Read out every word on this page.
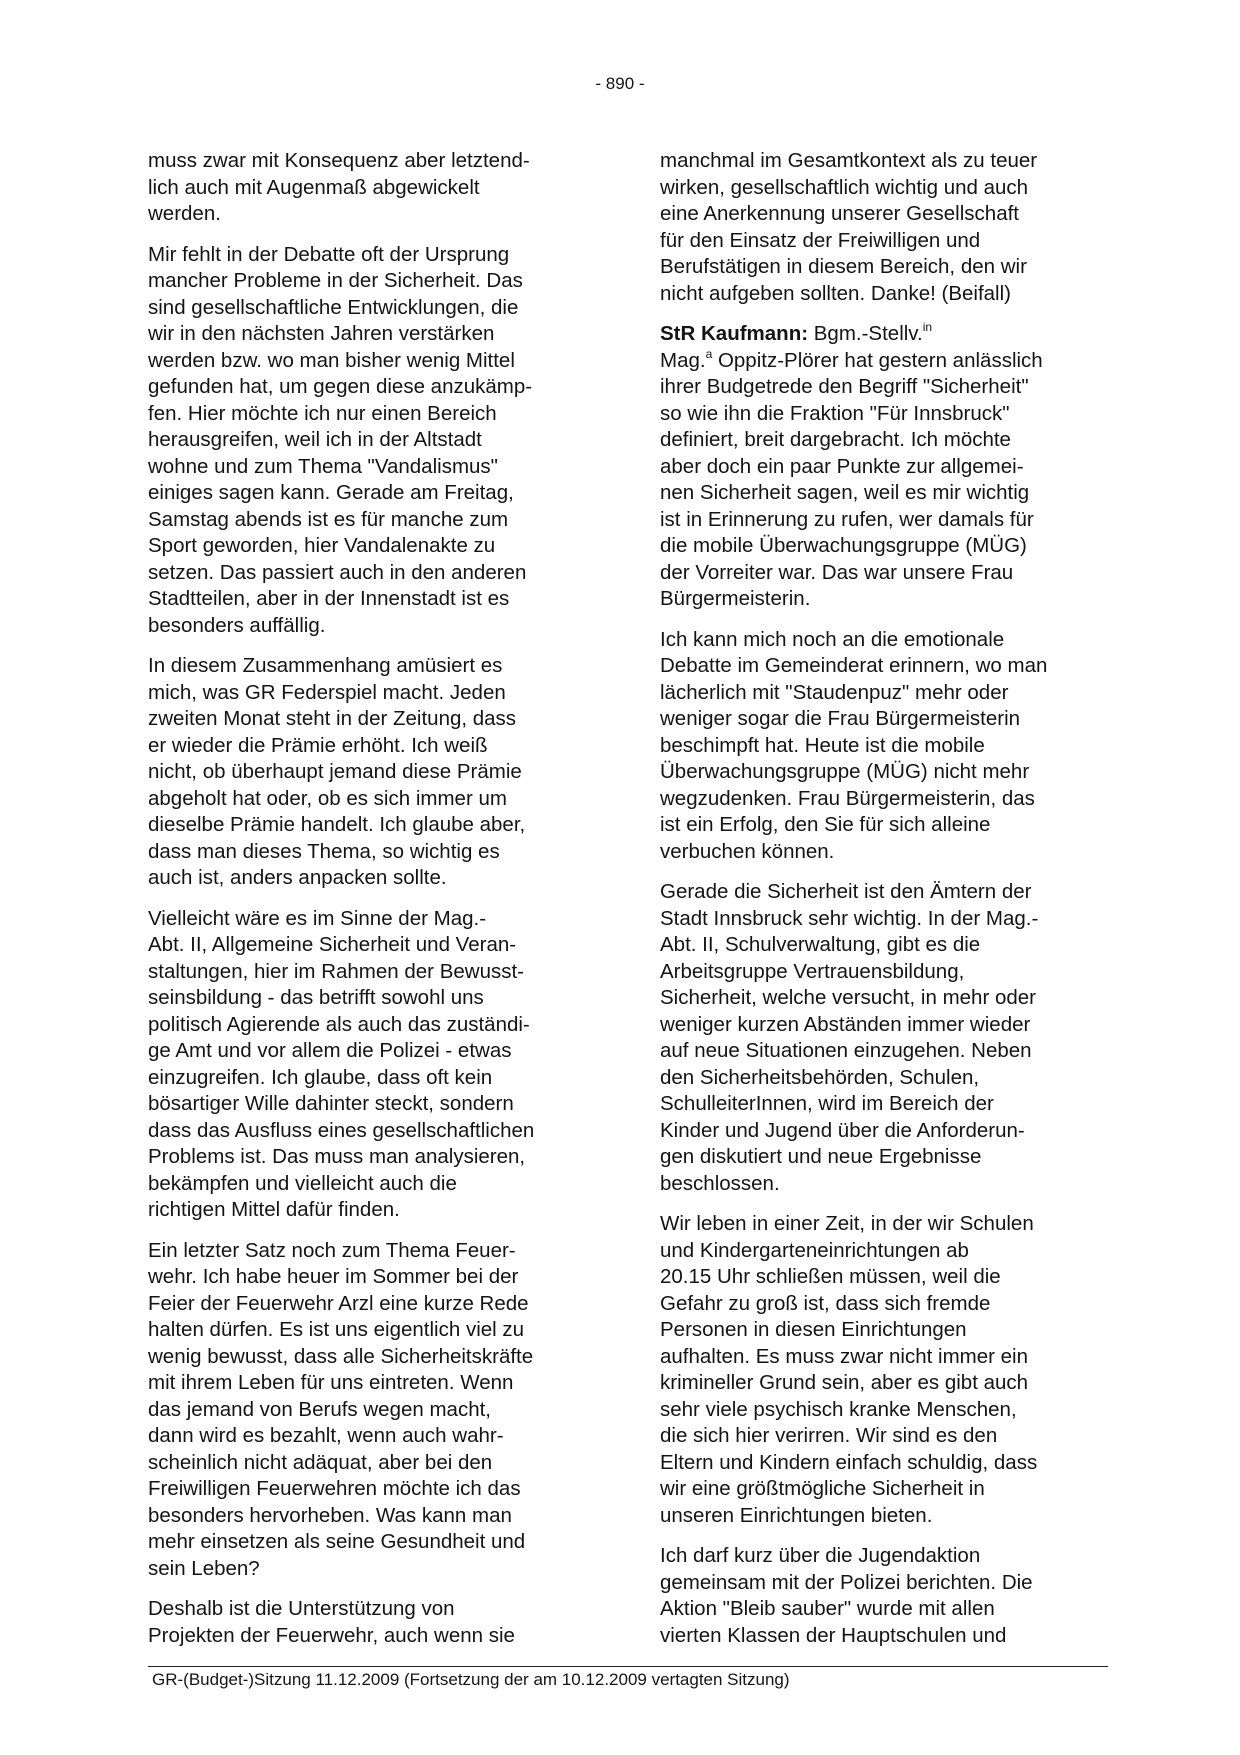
- 890 -

muss zwar mit Konsequenz aber letztend-
lich auch mit Augenmaß abgewickelt
werden.

Mir fehlt in der Debatte oft der Ursprung
mancher Probleme in der Sicherheit. Das
sind gesellschaftliche Entwicklungen, die
wir in den nächsten Jahren verstärken
werden bzw. wo man bisher wenig Mittel
gefunden hat, um gegen diese anzukämp-
fen. Hier möchte ich nur einen Bereich
herausgreifen, weil ich in der Altstadt
wohne und zum Thema "Vandalismus"
einiges sagen kann. Gerade am Freitag,
Samstag abends ist es für manche zum
Sport geworden, hier Vandalenakte zu
setzen. Das passiert auch in den anderen
Stadtteilen, aber in der Innenstadt ist es
besonders auffällig.

In diesem Zusammenhang amüsiert es
mich, was GR Federspiel macht. Jeden
zweiten Monat steht in der Zeitung, dass
er wieder die Prämie erhöht. Ich weiß
nicht, ob überhaupt jemand diese Prämie
abgeholt hat oder, ob es sich immer um
dieselbe Prämie handelt. Ich glaube aber,
dass man dieses Thema, so wichtig es
auch ist, anders anpacken sollte.

Vielleicht wäre es im Sinne der Mag.-
Abt. II, Allgemeine Sicherheit und Veran-
staltungen, hier im Rahmen der Bewusst-
seinsbildung - das betrifft sowohl uns
politisch Agierende als auch das zuständi-
ge Amt und vor allem die Polizei - etwas
einzugreifen. Ich glaube, dass oft kein
bösartiger Wille dahinter steckt, sondern
dass das Ausfluss eines gesellschaftlichen
Problems ist. Das muss man analysieren,
bekämpfen und vielleicht auch die
richtigen Mittel dafür finden.

Ein letzter Satz noch zum Thema Feuer-
wehr. Ich habe heuer im Sommer bei der
Feier der Feuerwehr Arzl eine kurze Rede
halten dürfen. Es ist uns eigentlich viel zu
wenig bewusst, dass alle Sicherheitskräfte
mit ihrem Leben für uns eintreten. Wenn
das jemand von Berufs wegen macht,
dann wird es bezahlt, wenn auch wahr-
scheinlich nicht adäquat, aber bei den
Freiwilligen Feuerwehren möchte ich das
besonders hervorheben. Was kann man
mehr einsetzen als seine Gesundheit und
sein Leben?

Deshalb ist die Unterstützung von
Projekten der Feuerwehr, auch wenn sie

manchmal im Gesamtkontext als zu teuer
wirken, gesellschaftlich wichtig und auch
eine Anerkennung unserer Gesellschaft
für den Einsatz der Freiwilligen und
Berufstätigen in diesem Bereich, den wir
nicht aufgeben sollten. Danke! (Beifall)

StR Kaufmann: Bgm.-Stellv.$^{in}$
Mag.$^a$ Oppitz-Plörer hat gestern anlässlich
ihrer Budgetrede den Begriff "Sicherheit"
so wie ihn die Fraktion "Für Innsbruck"
definiert, breit dargebracht. Ich möchte
aber doch ein paar Punkte zur allgemei-
nen Sicherheit sagen, weil es mir wichtig
ist in Erinnerung zu rufen, wer damals für
die mobile Überwachungsgruppe (MÜG)
der Vorreiter war. Das war unsere Frau
Bürgermeisterin.

Ich kann mich noch an die emotionale
Debatte im Gemeinderat erinnern, wo man
lächerlich mit "Staudenpuz" mehr oder
weniger sogar die Frau Bürgermeisterin
beschimpft hat. Heute ist die mobile
Überwachungsgruppe (MÜG) nicht mehr
wegzudenken. Frau Bürgermeisterin, das
ist ein Erfolg, den Sie für sich alleine
verbuchen können.

Gerade die Sicherheit ist den Ämtern der
Stadt Innsbruck sehr wichtig. In der Mag.-
Abt. II, Schulverwaltung, gibt es die
Arbeitsgruppe Vertrauensbildung,
Sicherheit, welche versucht, in mehr oder
weniger kurzen Abständen immer wieder
auf neue Situationen einzugehen. Neben
den Sicherheitsbehörden, Schulen,
SchulleiterInnen, wird im Bereich der
Kinder und Jugend über die Anforderun-
gen diskutiert und neue Ergebnisse
beschlossen.

Wir leben in einer Zeit, in der wir Schulen
und Kindergarteneinrichtungen ab
20.15 Uhr schließen müssen, weil die
Gefahr zu groß ist, dass sich fremde
Personen in diesen Einrichtungen
aufhalten. Es muss zwar nicht immer ein
krimineller Grund sein, aber es gibt auch
sehr viele psychisch kranke Menschen,
die sich hier verirren. Wir sind es den
Eltern und Kindern einfach schuldig, dass
wir eine größtmögliche Sicherheit in
unseren Einrichtungen bieten.

Ich darf kurz über die Jugendaktion
gemeinsam mit der Polizei berichten. Die
Aktion "Bleib sauber" wurde mit allen
vierten Klassen der Hauptschulen und

GR-(Budget-)Sitzung 11.12.2009 (Fortsetzung der am 10.12.2009 vertagten Sitzung)
